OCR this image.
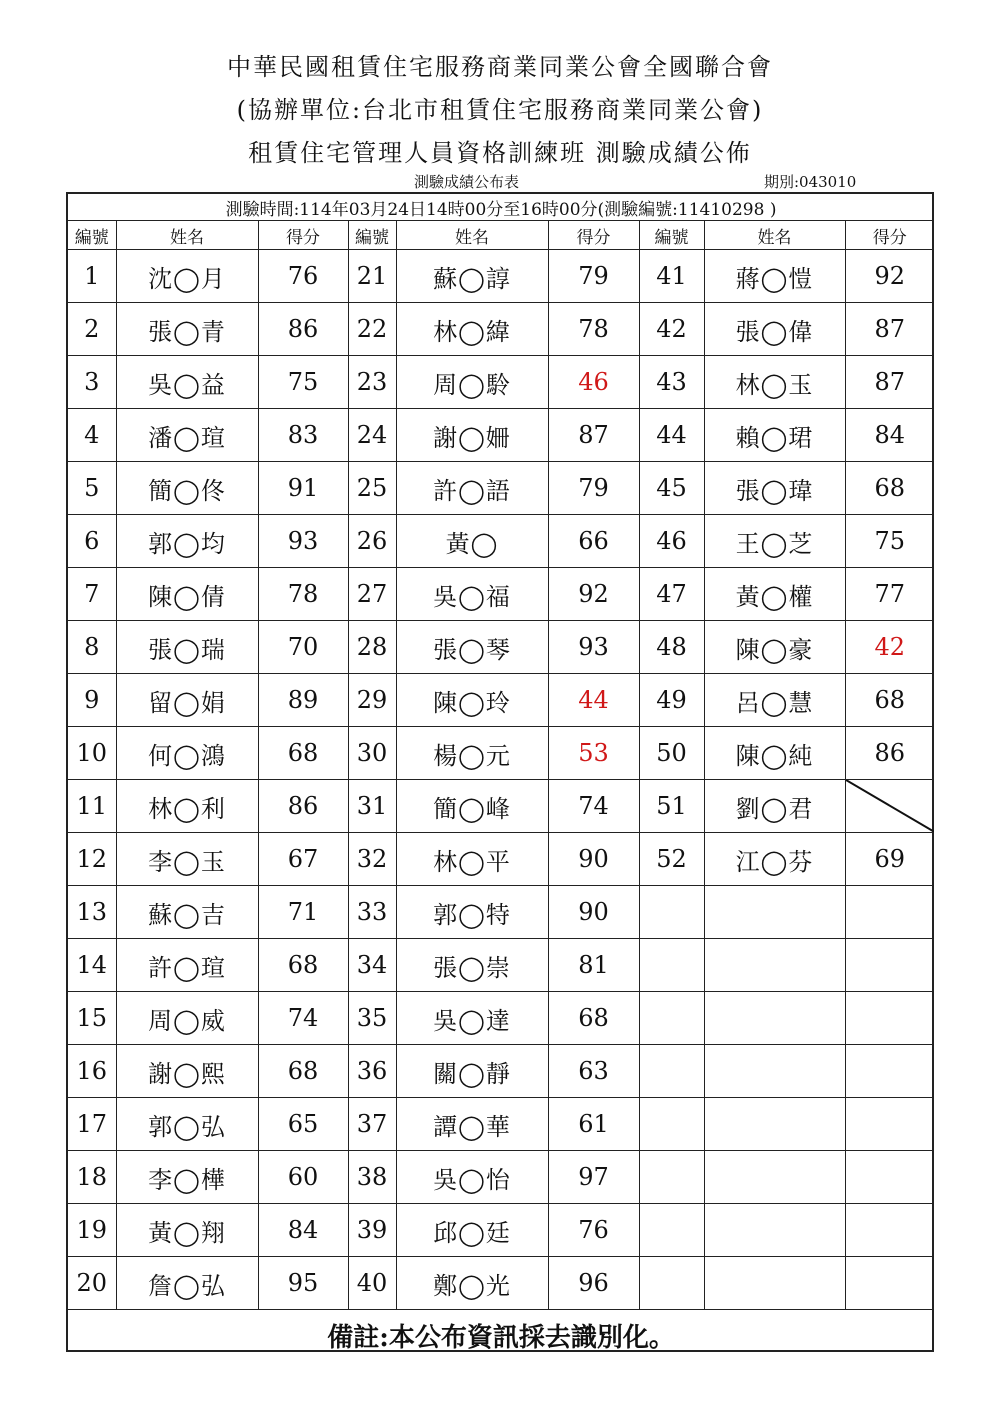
中華民國租賃住宅服務商業同業公會全國聯合會
(協辦單位:台北市租賃住宅服務商業同業公會)
租賃住宅管理人員資格訓練班 測驗成績公佈
測驗成績公布表	期別:043010
測驗時間:114年03月24日14時00分至16時00分(測驗編號:11410298 )								
編號	姓名	得分	編號	姓名	得分	編號	姓名	得分
1	沈◯月	76	21	蘇◯諄	79	41	蔣◯愷	92
2	張◯青	86	22	林◯緯	78	42	張◯偉	87
3	吳◯益	75	23	周◯駖	46	43	林◯玉	87
4	潘◯瑄	83	24	謝◯姍	87	44	賴◯珺	84
5	簡◯佟	91	25	許◯語	79	45	張◯瑋	68
6	郭◯均	93	26	黃◯	66	46	王◯芝	75
7	陳◯倩	78	27	吳◯福	92	47	黃◯權	77
8	張◯瑞	70	28	張◯琴	93	48	陳◯豪	42
9	留◯娟	89	29	陳◯玲	44	49	呂◯慧	68
10	何◯鴻	68	30	楊◯元	53	50	陳◯純	86
11	林◯利	86	31	簡◯峰	74	51	劉◯君	

12	李◯玉	67	32	林◯平	90	52	江◯芬	69
13	蘇◯吉	71	33	郭◯特	90			
14	許◯瑄	68	34	張◯崇	81			
15	周◯威	74	35	吳◯達	68			
16	謝◯熙	68	36	關◯靜	63			
17	郭◯弘	65	37	譚◯華	61			
18	李◯樺	60	38	吳◯怡	97			
19	黃◯翔	84	39	邱◯廷	76			
20	詹◯弘	95	40	鄭◯光	96			
備註:本公布資訊採去識別化。								
